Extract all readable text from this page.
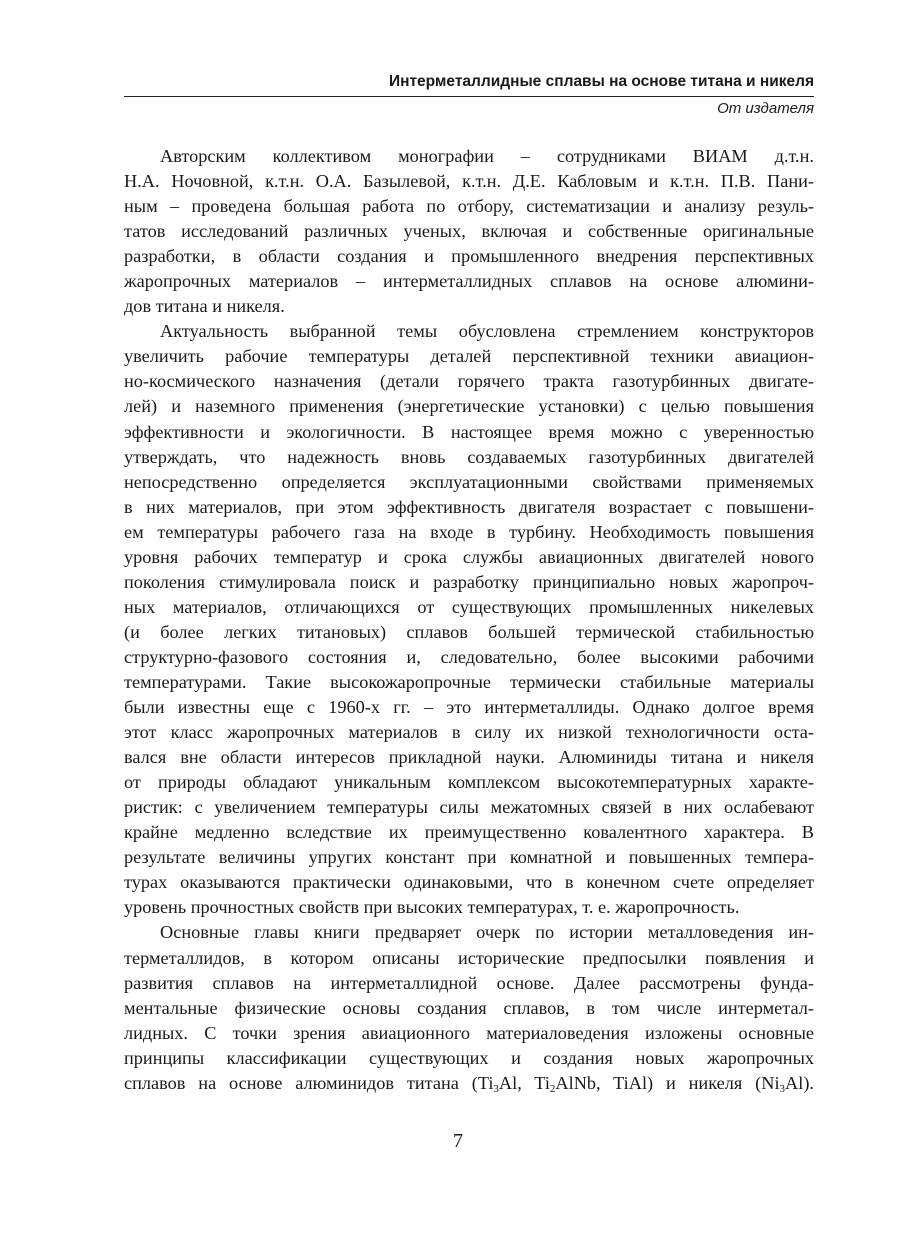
Интерметаллидные сплавы на основе титана и никеля
От издателя
Авторским коллективом монографии – сотрудниками ВИАМ д.т.н.
Н.А. Ночовной, к.т.н. О.А. Базылевой, к.т.н. Д.Е. Кабловым и к.т.н. П.В. Пани-
ным – проведена большая работа по отбору, систематизации и анализу резуль-
татов исследований различных ученых, включая и собственные оригинальные
разработки, в области создания и промышленного внедрения перспективных
жаропрочных материалов – интерметаллидных сплавов на основе алюмини-
дов титана и никеля.
Актуальность выбранной темы обусловлена стремлением конструкторов
увеличить рабочие температуры деталей перспективной техники авиацион-
но-космического назначения (детали горячего тракта газотурбинных двигате-
лей) и наземного применения (энергетические установки) с целью повышения
эффективности и экологичности. В настоящее время можно с уверенностью
утверждать, что надежность вновь создаваемых газотурбинных двигателей
непосредственно определяется эксплуатационными свойствами применяемых
в них материалов, при этом эффективность двигателя возрастает с повышени-
ем температуры рабочего газа на входе в турбину. Необходимость повышения
уровня рабочих температур и срока службы авиационных двигателей нового
поколения стимулировала поиск и разработку принципиально новых жаропроч-
ных материалов, отличающихся от существующих промышленных никелевых
(и более легких титановых) сплавов большей термической стабильностью
структурно-фазового состояния и, следовательно, более высокими рабочими
температурами. Такие высокожаропрочные термически стабильные материалы
были известны еще с 1960-х гг. – это интерметаллиды. Однако долгое время
этот класс жаропрочных материалов в силу их низкой технологичности оста-
вался вне области интересов прикладной науки. Алюминиды титана и никеля
от природы обладают уникальным комплексом высокотемпературных характе-
ристик: с увеличением температуры силы межатомных связей в них ослабевают
крайне медленно вследствие их преимущественно ковалентного характера. В
результате величины упругих констант при комнатной и повышенных темпера-
турах оказываются практически одинаковыми, что в конечном счете определяет
уровень прочностных свойств при высоких температурах, т. е. жаропрочность.
Основные главы книги предваряет очерк по истории металловедения ин-
терметаллидов, в котором описаны исторические предпосылки появления и
развития сплавов на интерметаллидной основе. Далее рассмотрены фунда-
ментальные физические основы создания сплавов, в том числе интерметал-
лидных. С точки зрения авиационного материаловедения изложены основные
принципы классификации существующих и создания новых жаропрочных
сплавов на основе алюминидов титана ($Ti_3Al$, $Ti_2AlNb$, TiAl) и никеля $(Ni_3Al)$.
7
